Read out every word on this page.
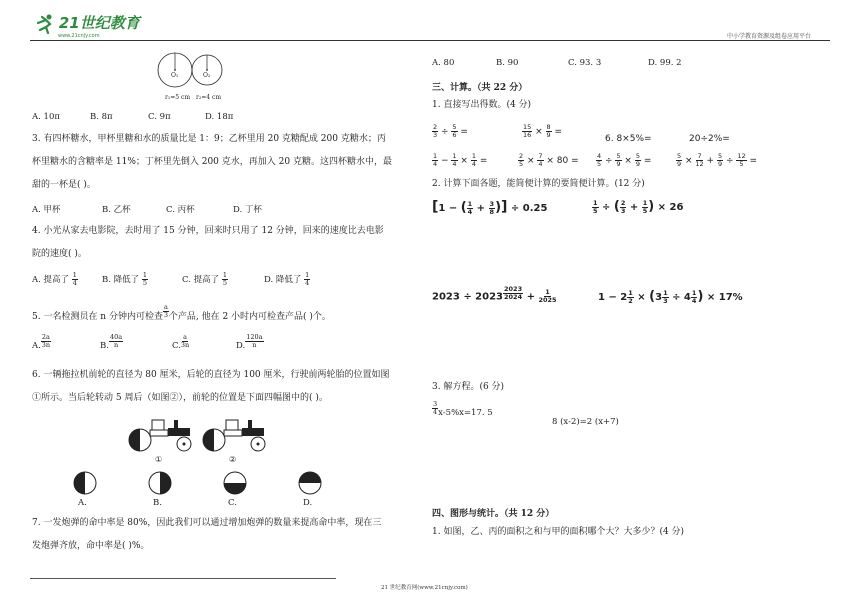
21世纪教育
www.21cnjy.com	中小学教育资源及组卷应用平台
O₁	O₂
r₁=5 cm r₂=4 cm
A. 10π	B. 8π	C. 9π	D. 18π
3. 有四杯糖水，甲杯里糖和水的质量比是 1：9；乙杯里用 20 克糖配成 200 克糖水；丙
杯里糖水的含糖率是 11%；丁杯里先倒入 200 克水，再加入 20 克糖。这四杯糖水中，最
甜的一杯是( )。
A. 甲杯	B. 乙杯	C. 丙杯	D. 丁杯
4. 小光从家去电影院，去时用了 15 分钟，回来时只用了 12 分钟，回来的速度比去电影
院的速度( )。
A. 提高了 $\frac{1}{4}$	B. 降低了 $\frac{1}{5}$	C. 提高了 $\frac{1}{5}$	D. 降低了 $\frac{1}{4}$
5. 一名检测员在 n 分钟内可检查 $\frac{a}{3}$ 个产品, 他在 2 小时内可检查产品( )个。
A. $\frac{2a}{3n}$	B. $\frac{40a}{n}$	C. $\frac{a}{3n}$	D. $\frac{120a}{n}$
6. 一辆拖拉机前轮的直径为 80 厘米，后轮的直径为 100 厘米，行驶前两轮胎的位置如图
①所示。当后轮转动 5 周后（如图②），前轮的位置是下面四幅图中的( )。
①	②
A.	B.	C.	D.
7. 一发炮弹的命中率是 80%，因此我们可以通过增加炮弹的数量来提高命中率，现在三
发炮弹齐放，命中率是( )%。
A. 80	B. 90	C. 93. 3	D. 99. 2
三、计算。（共 22 分）
1. 直接写出得数。(4 分)
$\frac{2}{3} \div \frac{5}{6}$ =	$\frac{15}{16} \times \frac{8}{9}$ =
6. 8×5%=	20÷2%=
$\frac{1}{4} - \frac{1}{4} \times \frac{1}{4}$ =	$\frac{2}{5} \times \frac{7}{4} \times 80$ =	$\frac{4}{5} \div \frac{5}{9} \times \frac{5}{9}$ =	$\frac{5}{9} \times \frac{7}{12} + \frac{5}{9} \div \frac{12}{5}$ =
2. 计算下面各题，能简便计算的要简便计算。(12 分)
[1 − ( $\frac{1}{4} + \frac{3}{8}$ )] ÷ 0.25	$\frac{1}{5}$ ÷ ( $\frac{2}{3} + \frac{1}{5}$ ) × 26
$2023 \div 2023 \frac{2023}{2024} + \frac{1}{2025}$	$1 - 2 \frac{1}{2} \times (3 \frac{1}{3} \div 4 \frac{1}{4}$ ) × 17%
3. 解方程。(6 分)
$\frac{3}{4} x-5\%x=17$. 5
8 (x-2)=2 (x+7)
四、图形与统计。（共 12 分）
1. 如图，乙、丙的面积之和与甲的面积哪个大？大多少？(4 分)
21 世纪教育网(www.21cnjy.com)
